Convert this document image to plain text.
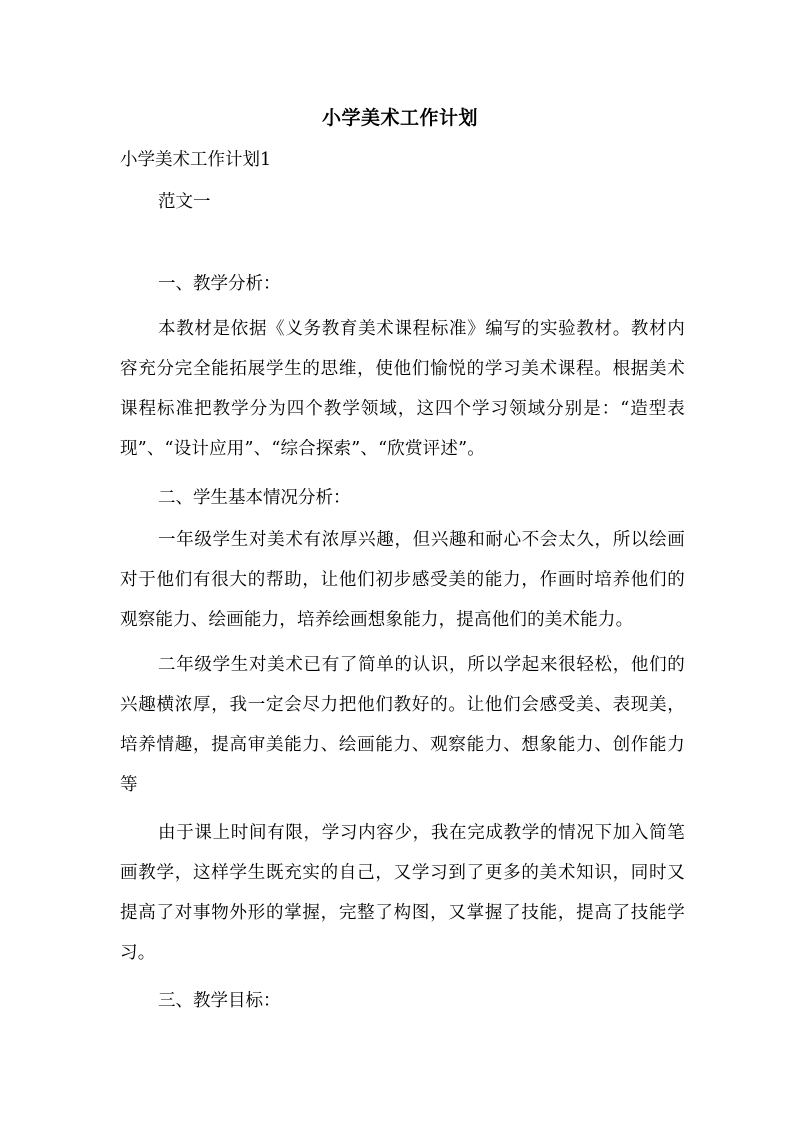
小学美术工作计划
小学美术工作计划1
范文一
一、教学分析：
本教材是依据《义务教育美术课程标准》编写的实验教材。教材内容充分完全能拓展学生的思维，使他们愉悦的学习美术课程。根据美术课程标准把教学分为四个教学领域，这四个学习领域分别是：“造型表现”、“设计应用”、“综合探索”、“欣赏评述”。
二、学生基本情况分析：
一年级学生对美术有浓厚兴趣，但兴趣和耐心不会太久，所以绘画对于他们有很大的帮助，让他们初步感受美的能力，作画时培养他们的观察能力、绘画能力，培养绘画想象能力，提高他们的美术能力。
二年级学生对美术已有了简单的认识，所以学起来很轻松，他们的兴趣横浓厚，我一定会尽力把他们教好的。让他们会感受美、表现美，培养情趣，提高审美能力、绘画能力、观察能力、想象能力、创作能力等
由于课上时间有限，学习内容少，我在完成教学的情况下加入简笔画教学，这样学生既充实的自己，又学习到了更多的美术知识，同时又提高了对事物外形的掌握，完整了构图，又掌握了技能，提高了技能学习。
三、教学目标：
